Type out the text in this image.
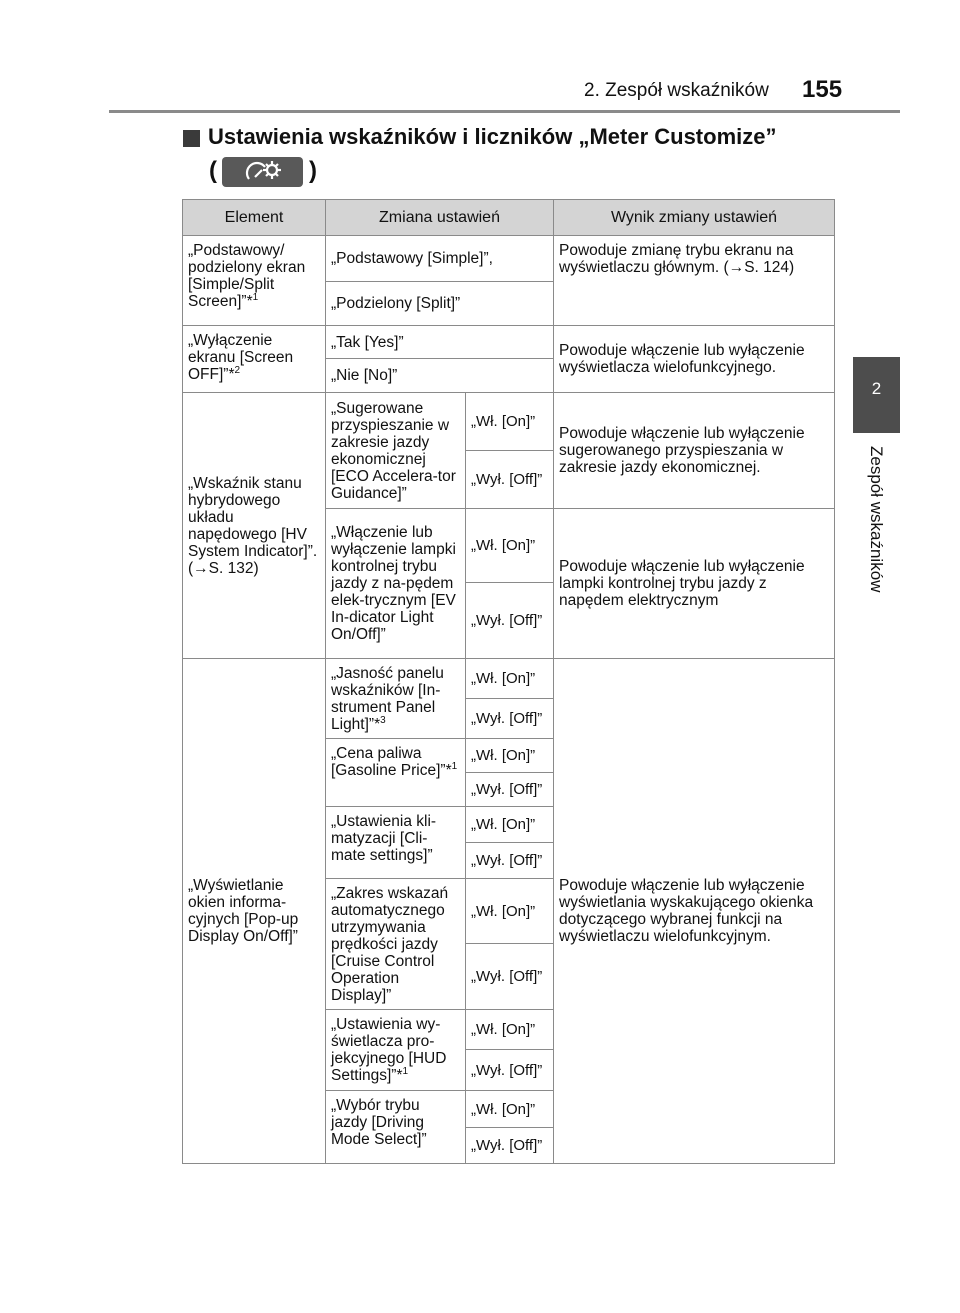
2. Zespół wskaźników 155
2
Zespół wskaźników
Ustawienia wskaźników i liczników „Meter Customize”
(	)
Element	Zmiana ustawień		Wynik zmiany ustawień
„Podstawowy/ podzielony ekran [Simple/Split Screen]”*$^1$	„Podstawowy [Simple]”,		Powoduje zmianę trybu ekranu na wyświetlaczu głównym. (→S. 124)
	„Podzielony [Split]”		
„Wyłączenie ekranu [Screen OFF]”*$^2$	„Tak [Yes]”		Powoduje włączenie lub wyłączenie wyświetlacza wielofunkcyjnego.
	„Nie [No]”		
„Wskaźnik stanu hybrydowego układu napędowego [HV System Indicator]”. (→S. 132)	„Sugerowane przyspieszanie w zakresie jazdy ekonomicznej [ECO Accelera-tor Guidance]”	„Wł. [On]”	Powoduje włączenie lub wyłączenie sugerowanego przyspieszania w zakresie jazdy ekonomicznej.
		„Wył. [Off]”	
	„Włączenie lub wyłączenie lampki kontrolnej trybu jazdy z na-pędem elek-trycznym [EV In-dicator Light On/Off]”	„Wł. [On]”	Powoduje włączenie lub wyłączenie lampki kontrolnej trybu jazdy z napędem elektrycznym
		„Wył. [Off]”	
„Wyświetlanie okien informa-cyjnych [Pop-up Display On/Off]”	„Jasność panelu wskaźników [In-strument Panel Light]”*$^3$	„Wł. [On]”	Powoduje włączenie lub wyłączenie wyświetlania wyskakującego okienka dotyczącego wybranej funkcji na wyświetlaczu wielofunkcyjnym.
		„Wył. [Off]”	
	„Cena paliwa [Gasoline Price]”*$^1$	„Wł. [On]”	
		„Wył. [Off]”	
	„Ustawienia kli-matyzacji [Cli-mate settings]”	„Wł. [On]”	
		„Wył. [Off]”	
	„Zakres wskazań automatycznego utrzymywania prędkości jazdy [Cruise Control Operation Display]”	„Wł. [On]”	
		„Wył. [Off]”	
	„Ustawienia wy-świetlacza pro-jekcyjnego [HUD Settings]”*$^1$	„Wł. [On]”	
		„Wył. [Off]”	
	„Wybór trybu jazdy [Driving Mode Select]”	„Wł. [On]”	
		„Wył. [Off]”	
